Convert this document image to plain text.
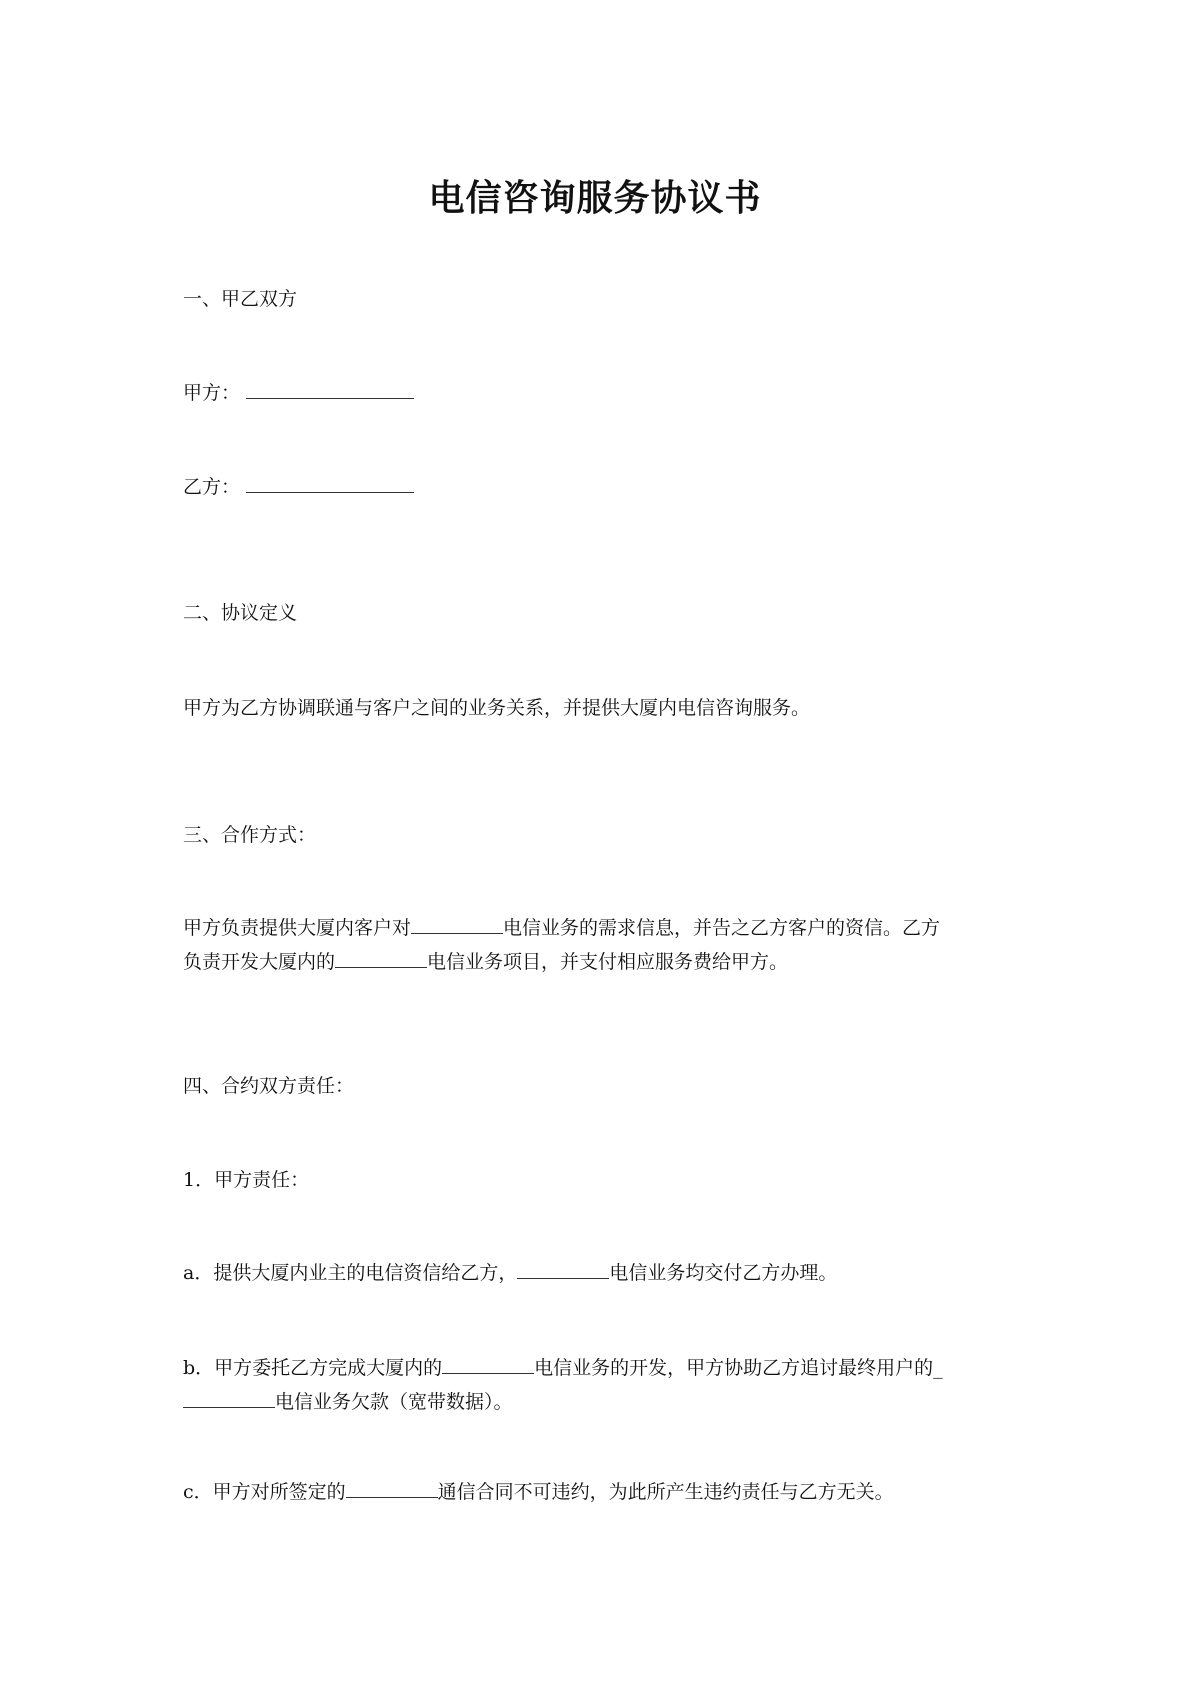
电信咨询服务协议书
一、甲乙双方
甲方：
乙方：
二、协议定义
甲方为乙方协调联通与客户之间的业务关系，并提供大厦内电信咨询服务。
三、合作方式：
甲方负责提供大厦内客户对	电信业务的需求信息，并告之乙方客户的资信。乙方
负责开发大厦内的	电信业务项目，并支付相应服务费给甲方。
四、合约双方责任：
1．甲方责任：
a．提供大厦内业主的电信资信给乙方，	电信业务均交付乙方办理。
b．甲方委托乙方完成大厦内的	电信业务的开发，甲方协助乙方追讨最终用户的_
电信业务欠款（宽带数据）。
c．甲方对所签定的	通信合同不可违约，为此所产生违约责任与乙方无关。
